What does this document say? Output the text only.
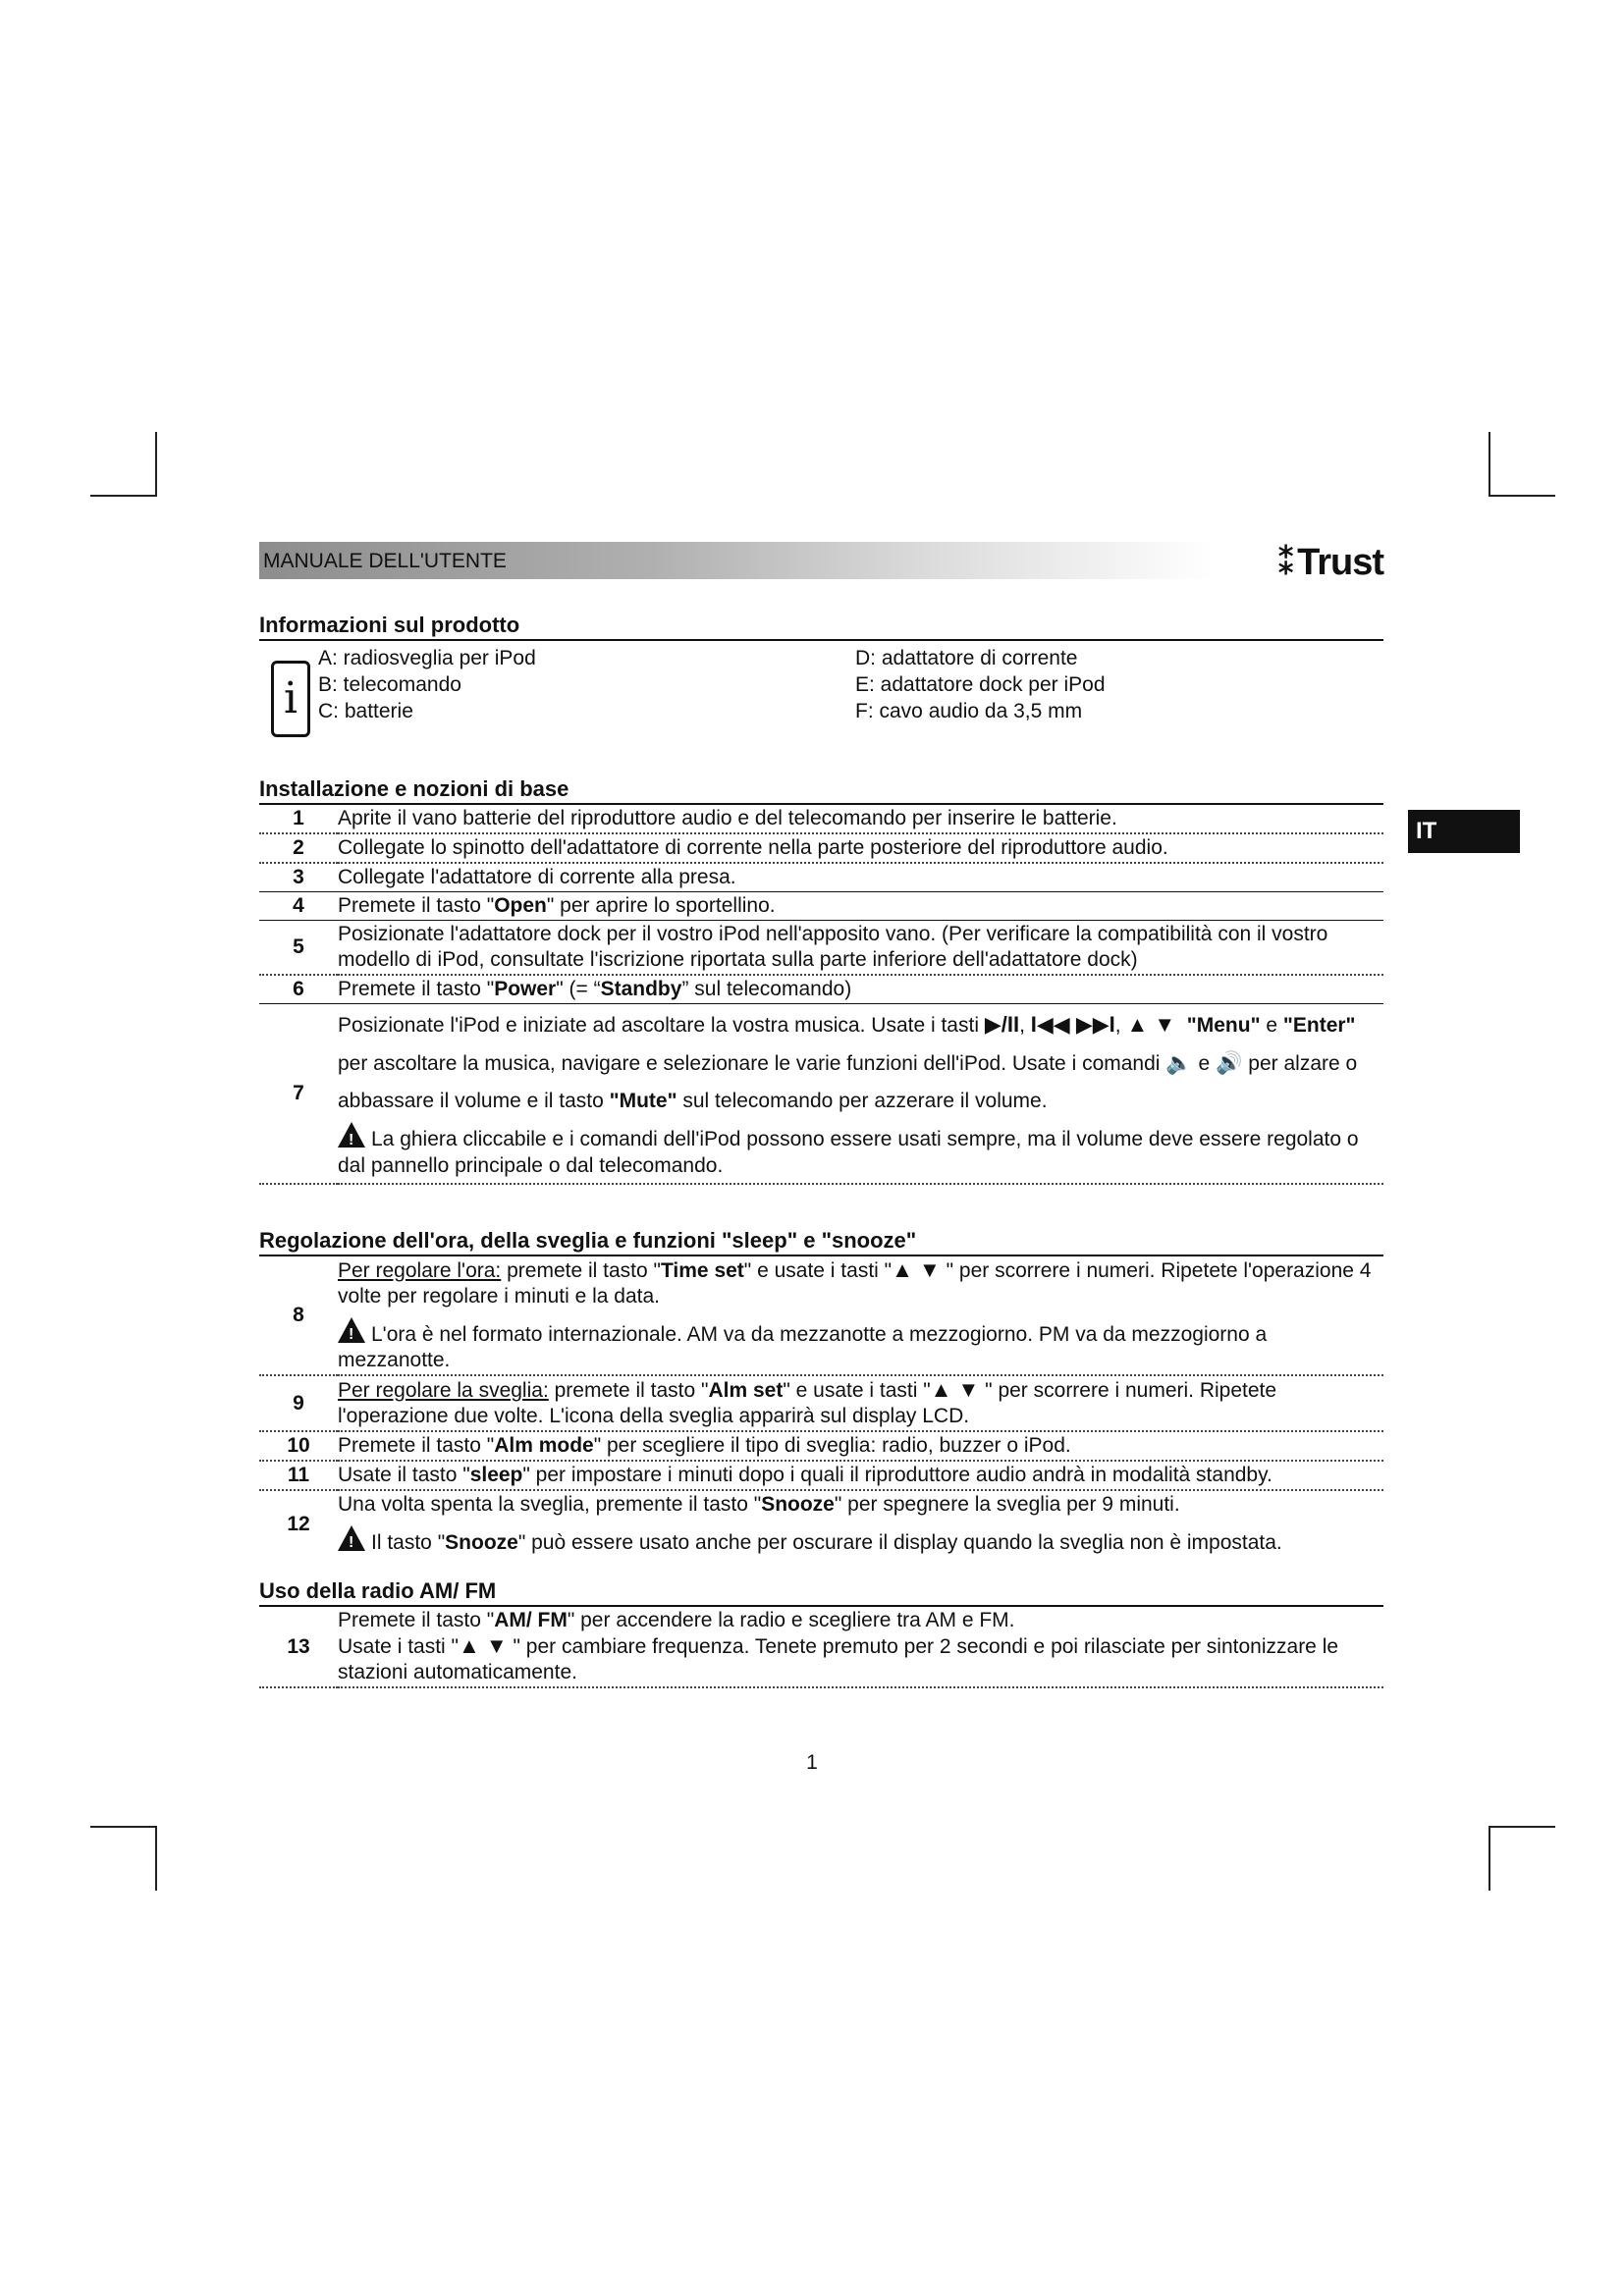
IT
MANUALE DELL'UTENTE	⁑Trust
Informazioni sul prodotto
i
A: radiosveglia per iPod
B: telecomando
C: batterie
D: adattatore di corrente
E: adattatore dock per iPod
F: cavo audio da 3,5 mm
Installazione e nozioni di base
1	Aprite il vano batterie del riproduttore audio e del telecomando per inserire le batterie.
2	Collegate lo spinotto dell'adattatore di corrente nella parte posteriore del riproduttore audio.
3	Collegate l'adattatore di corrente alla presa.
4	Premete il tasto "Open" per aprire lo sportellino.
5	Posizionate l'adattatore dock per il vostro iPod nell'apposito vano. (Per verificare la compatibilità con il vostro modello di iPod, consultate l'iscrizione riportata sulla parte inferiore dell'adattatore dock)
6	Premete il tasto "Power" (= “Standby” sul telecomando)
7	Posizionate l'iPod e iniziate ad ascoltare la vostra musica. Usate i tasti ▶/II, I◀◀ ▶▶I, ▲ ▼ "Menu" e "Enter" per ascoltare la musica, navigare e selezionare le varie funzioni dell'iPod. Usate i comandi 🔈 e 🔊 per alzare o abbassare il volume e il tasto "Mute" sul telecomando per azzerare il volume.
!La ghiera cliccabile e i comandi dell'iPod possono essere usati sempre, ma il volume deve essere regolato o dal pannello principale o dal telecomando.
Regolazione dell'ora, della sveglia e funzioni "sleep" e "snooze"
8	Per regolare l'ora: premete il tasto "Time set" e usate i tasti "▲ ▼ " per scorrere i numeri. Ripetete l'operazione 4 volte per regolare i minuti e la data.
!L'ora è nel formato internazionale. AM va da mezzanotte a mezzogiorno. PM va da mezzogiorno a mezzanotte.

9	Per regolare la sveglia: premete il tasto "Alm set" e usate i tasti "▲ ▼ " per scorrere i numeri. Ripetete l'operazione due volte. L'icona della sveglia apparirà sul display LCD.
10	Premete il tasto "Alm mode" per scegliere il tipo di sveglia: radio, buzzer o iPod.
11	Usate il tasto "sleep" per impostare i minuti dopo i quali il riproduttore audio andrà in modalità standby.
12	Una volta spenta la sveglia, premente il tasto "Snooze" per spegnere la sveglia per 9 minuti.
!Il tasto "Snooze" può essere usato anche per oscurare il display quando la sveglia non è impostata.
Uso della radio AM/ FM
13	Premete il tasto "AM/ FM" per accendere la radio e scegliere tra AM e FM.
Usate i tasti "▲ ▼ " per cambiare frequenza. Tenete premuto per 2 secondi e poi rilasciate per sintonizzare le stazioni automaticamente.
1
